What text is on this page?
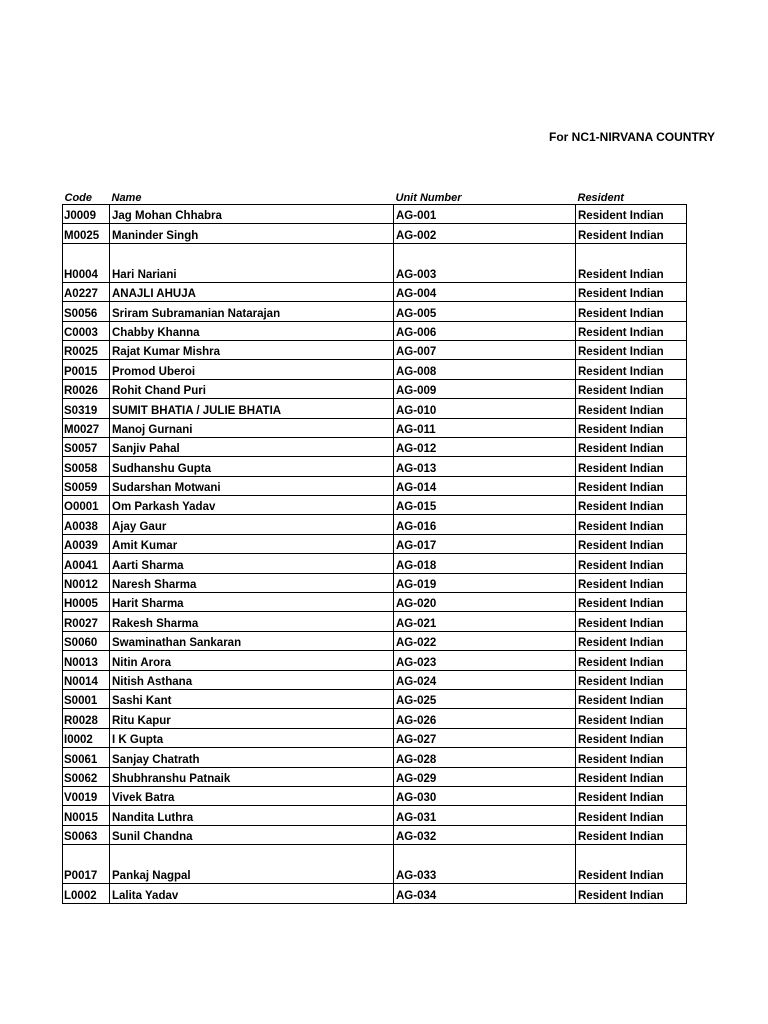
For NC1-NIRVANA COUNTRY
Code	Name	Unit Number	Resident
J0009	Jag Mohan Chhabra	AG-001	Resident Indian
M0025	Maninder Singh	AG-002	Resident Indian
H0004	Hari Nariani	AG-003	Resident Indian
A0227	ANAJLI AHUJA	AG-004	Resident Indian
S0056	Sriram Subramanian Natarajan	AG-005	Resident Indian
C0003	Chabby Khanna	AG-006	Resident Indian
R0025	Rajat Kumar Mishra	AG-007	Resident Indian
P0015	Promod Uberoi	AG-008	Resident Indian
R0026	Rohit Chand Puri	AG-009	Resident Indian
S0319	SUMIT BHATIA / JULIE BHATIA	AG-010	Resident Indian
M0027	Manoj Gurnani	AG-011	Resident Indian
S0057	Sanjiv Pahal	AG-012	Resident Indian
S0058	Sudhanshu Gupta	AG-013	Resident Indian
S0059	Sudarshan Motwani	AG-014	Resident Indian
O0001	Om Parkash Yadav	AG-015	Resident Indian
A0038	Ajay Gaur	AG-016	Resident Indian
A0039	Amit Kumar	AG-017	Resident Indian
A0041	Aarti Sharma	AG-018	Resident Indian
N0012	Naresh Sharma	AG-019	Resident Indian
H0005	Harit Sharma	AG-020	Resident Indian
R0027	Rakesh Sharma	AG-021	Resident Indian
S0060	Swaminathan Sankaran	AG-022	Resident Indian
N0013	Nitin Arora	AG-023	Resident Indian
N0014	Nitish Asthana	AG-024	Resident Indian
S0001	Sashi Kant	AG-025	Resident Indian
R0028	Ritu Kapur	AG-026	Resident Indian
I0002	I K Gupta	AG-027	Resident Indian
S0061	Sanjay Chatrath	AG-028	Resident Indian
S0062	Shubhranshu Patnaik	AG-029	Resident Indian
V0019	Vivek Batra	AG-030	Resident Indian
N0015	Nandita Luthra	AG-031	Resident Indian
S0063	Sunil Chandna	AG-032	Resident Indian
P0017	Pankaj Nagpal	AG-033	Resident Indian
L0002	Lalita Yadav	AG-034	Resident Indian
